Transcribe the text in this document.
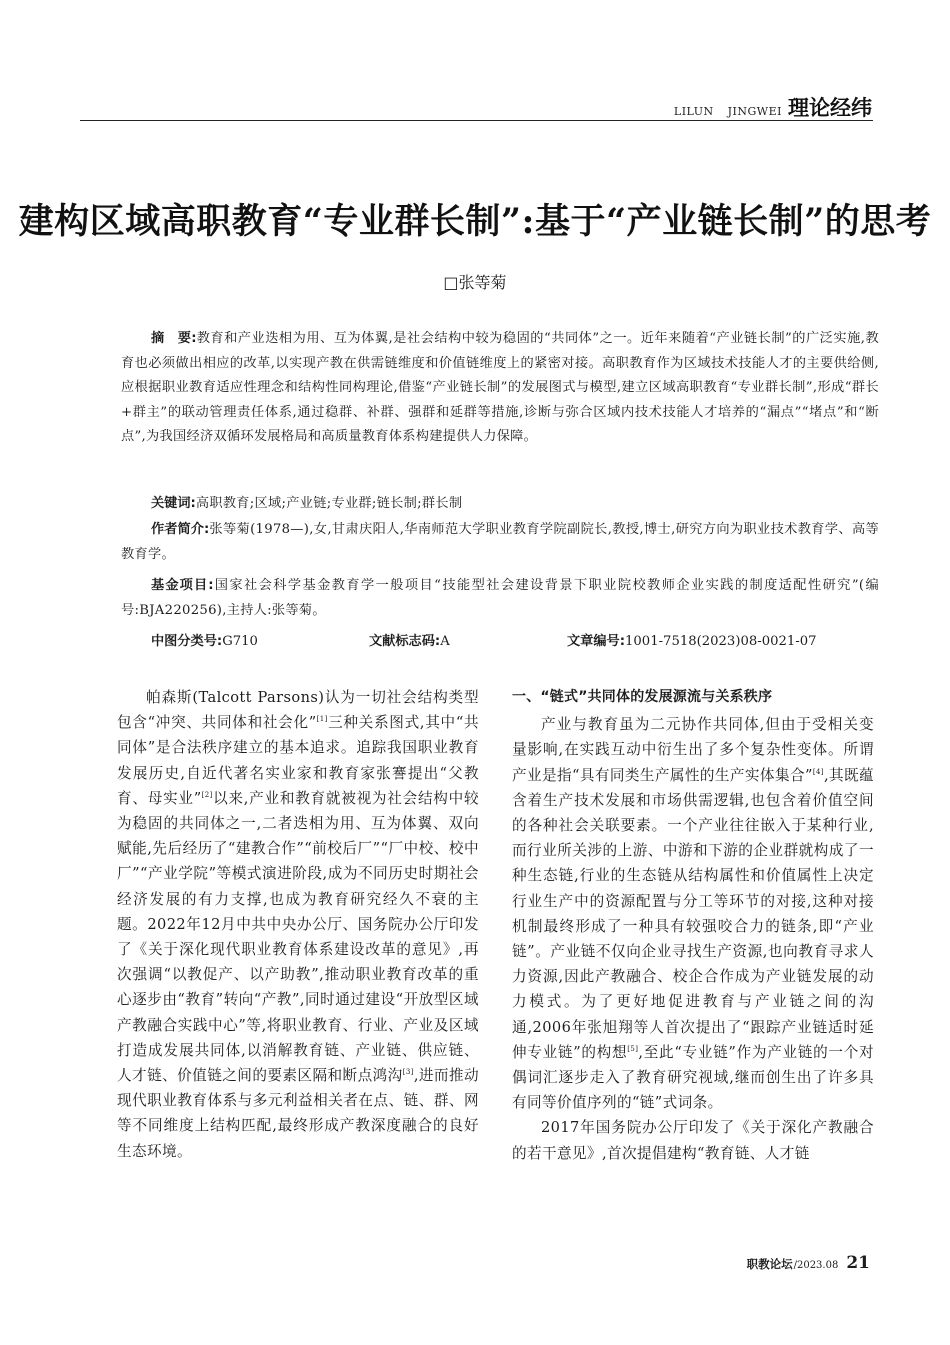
LILUN JINGWEI 理论经纬
建构区域高职教育“专业群长制”:基于“产业链长制”的思考
□张等菊
摘　要:教育和产业迭相为用、互为体翼,是社会结构中较为稳固的“共同体”之一。近年来随着“产业链长制”的广泛实施,教育也必须做出相应的改革,以实现产教在供需链维度和价值链维度上的紧密对接。高职教育作为区域技术技能人才的主要供给侧,应根据职业教育适应性理念和结构性同构理论,借鉴“产业链长制”的发展图式与模型,建立区域高职教育“专业群长制”,形成“群长+群主”的联动管理责任体系,通过稳群、补群、强群和延群等措施,诊断与弥合区域内技术技能人才培养的“漏点”“堵点”和“断点”,为我国经济双循环发展格局和高质量教育体系构建提供人力保障。
关键词:高职教育;区域;产业链;专业群;链长制;群长制
作者简介:张等菊(1978—),女,甘肃庆阳人,华南师范大学职业教育学院副院长,教授,博士,研究方向为职业技术教育学、高等教育学。
基金项目:国家社会科学基金教育学一般项目“技能型社会建设背景下职业院校教师企业实践的制度适配性研究”(编号:BJA220256),主持人:张等菊。
中图分类号:G710	文献标志码:A	文章编号:1001-7518(2023)08-0021-07

帕森斯(Talcott Parsons)认为一切社会结构类型包含“冲突、共同体和社会化”[1]三种关系图式,其中“共同体”是合法秩序建立的基本追求。追踪我国职业教育发展历史,自近代著名实业家和教育家张謇提出“父教育、母实业”[2]以来,产业和教育就被视为社会结构中较为稳固的共同体之一,二者迭相为用、互为体翼、双向赋能,先后经历了“建教合作”“前校后厂”“厂中校、校中厂”“产业学院”等模式演进阶段,成为不同历史时期社会经济发展的有力支撑,也成为教育研究经久不衰的主题。2022年12月中共中央办公厅、国务院办公厅印发了《关于深化现代职业教育体系建设改革的意见》,再次强调“以教促产、以产助教”,推动职业教育改革的重心逐步由“教育”转向“产教”,同时通过建设“开放型区域产教融合实践中心”等,将职业教育、行业、产业及区域打造成发展共同体,以消解教育链、产业链、供应链、人才链、价值链之间的要素区隔和断点鸿沟[3],进而推动现代职业教育体系与多元利益相关者在点、链、群、网等不同维度上结构匹配,最终形成产教深度融合的良好生态环境。

一、“链式”共同体的发展源流与关系秩序

产业与教育虽为二元协作共同体,但由于受相关变量影响,在实践互动中衍生出了多个复杂性变体。所谓产业是指“具有同类生产属性的生产实体集合”[4],其既蕴含着生产技术发展和市场供需逻辑,也包含着价值空间的各种社会关联要素。一个产业往往嵌入于某种行业,而行业所关涉的上游、中游和下游的企业群就构成了一种生态链,行业的生态链从结构属性和价值属性上决定行业生产中的资源配置与分工等环节的对接,这种对接机制最终形成了一种具有较强咬合力的链条,即“产业链”。产业链不仅向企业寻找生产资源,也向教育寻求人力资源,因此产教融合、校企合作成为产业链发展的动力模式。为了更好地促进教育与产业链之间的沟通,2006年张旭翔等人首次提出了“跟踪产业链适时延伸专业链”的构想[5],至此“专业链”作为产业链的一个对偶词汇逐步走入了教育研究视域,继而创生出了许多具有同等价值序列的“链”式词条。

2017年国务院办公厅印发了《关于深化产教融合的若干意见》,首次提倡建构“教育链、人才链

职教论坛 /2023.08 21
